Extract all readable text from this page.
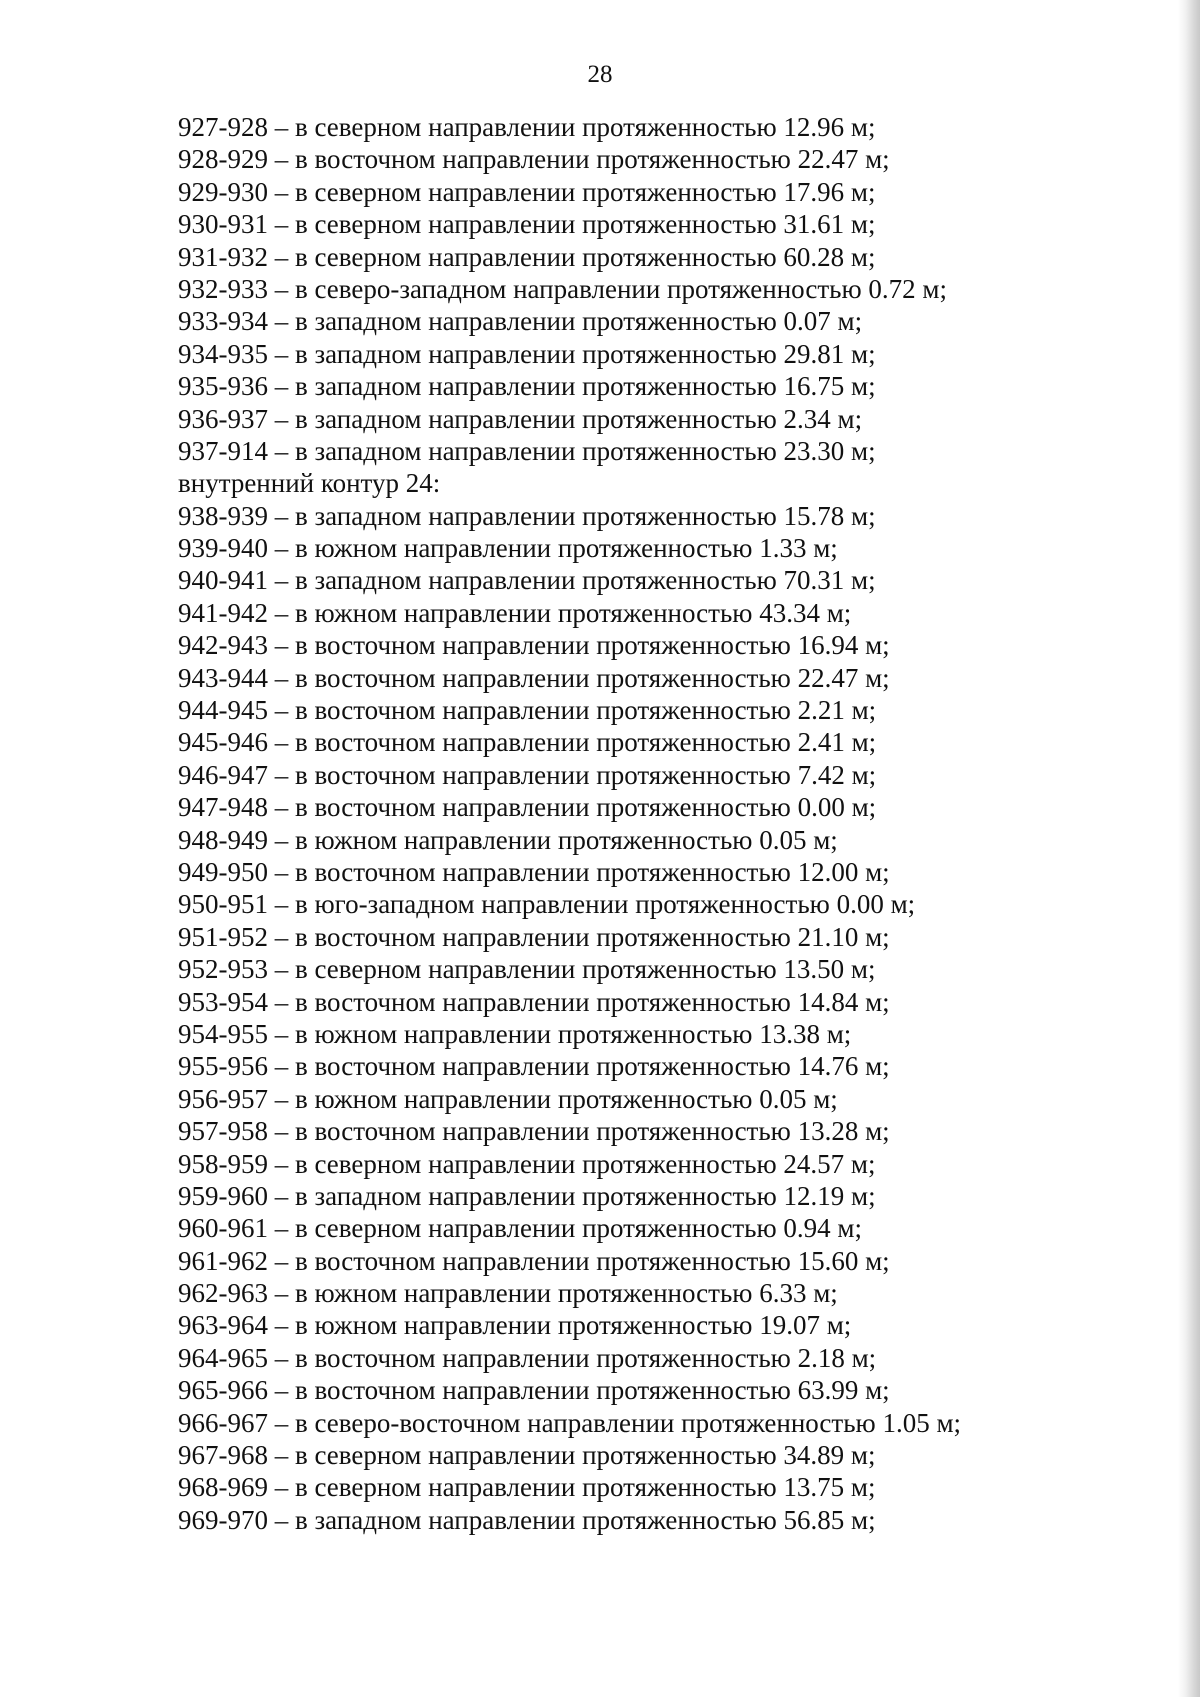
28
927-928 – в северном направлении протяженностью 12.96 м;
928-929 – в восточном направлении протяженностью 22.47 м;
929-930 – в северном направлении протяженностью 17.96 м;
930-931 – в северном направлении протяженностью 31.61 м;
931-932 – в северном направлении протяженностью 60.28 м;
932-933 – в северо-западном направлении протяженностью 0.72 м;
933-934 – в западном направлении протяженностью 0.07 м;
934-935 – в западном направлении протяженностью 29.81 м;
935-936 – в западном направлении протяженностью 16.75 м;
936-937 – в западном направлении протяженностью 2.34 м;
937-914 – в западном направлении протяженностью 23.30 м;
внутренний контур 24:
938-939 – в западном направлении протяженностью 15.78 м;
939-940 – в южном направлении протяженностью 1.33 м;
940-941 – в западном направлении протяженностью 70.31 м;
941-942 – в южном направлении протяженностью 43.34 м;
942-943 – в восточном направлении протяженностью 16.94 м;
943-944 – в восточном направлении протяженностью 22.47 м;
944-945 – в восточном направлении протяженностью 2.21 м;
945-946 – в восточном направлении протяженностью 2.41 м;
946-947 – в восточном направлении протяженностью 7.42 м;
947-948 – в восточном направлении протяженностью 0.00 м;
948-949 – в южном направлении протяженностью 0.05 м;
949-950 – в восточном направлении протяженностью 12.00 м;
950-951 – в юго-западном направлении протяженностью 0.00 м;
951-952 – в восточном направлении протяженностью 21.10 м;
952-953 – в северном направлении протяженностью 13.50 м;
953-954 – в восточном направлении протяженностью 14.84 м;
954-955 – в южном направлении протяженностью 13.38 м;
955-956 – в восточном направлении протяженностью 14.76 м;
956-957 – в южном направлении протяженностью 0.05 м;
957-958 – в восточном направлении протяженностью 13.28 м;
958-959 – в северном направлении протяженностью 24.57 м;
959-960 – в западном направлении протяженностью 12.19 м;
960-961 – в северном направлении протяженностью 0.94 м;
961-962 – в восточном направлении протяженностью 15.60 м;
962-963 – в южном направлении протяженностью 6.33 м;
963-964 – в южном направлении протяженностью 19.07 м;
964-965 – в восточном направлении протяженностью 2.18 м;
965-966 – в восточном направлении протяженностью 63.99 м;
966-967 – в северо-восточном направлении протяженностью 1.05 м;
967-968 – в северном направлении протяженностью 34.89 м;
968-969 – в северном направлении протяженностью 13.75 м;
969-970 – в западном направлении протяженностью 56.85 м;
